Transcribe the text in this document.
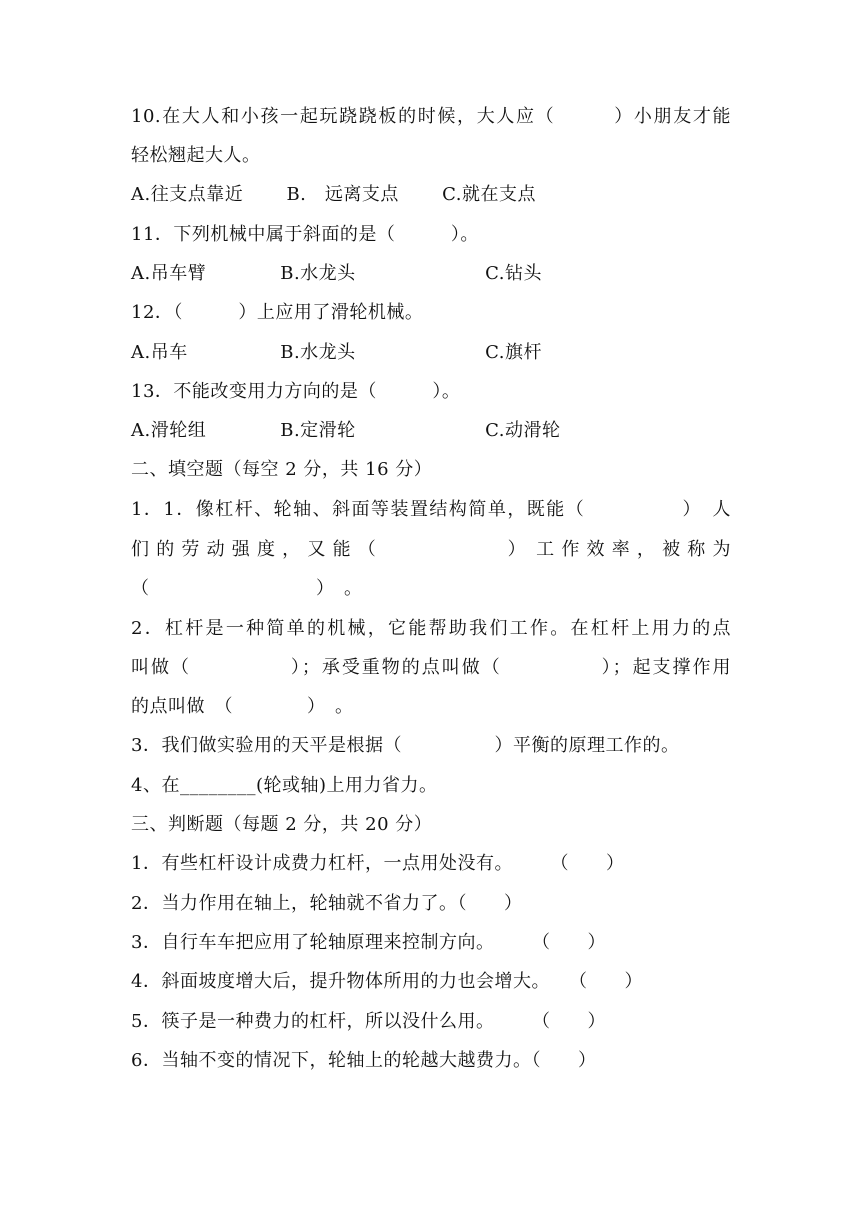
10.在大人和小孩一起玩跷跷板的时候，大人应（　　　）小朋友才能
轻松翘起大人。
A.往支点靠近　　 B.　远离支点　　 C.就在支点
11．下列机械中属于斜面的是（　　　）。
A.吊车臂　　　　B.水龙头　　　　　　　C.钻头
12．（　　　）上应用了滑轮机械。
A.吊车　　　　　B.水龙头　　　　　　　C.旗杆
13．不能改变用力方向的是（　　　）。
A.滑轮组　　　　B.定滑轮　　　　　　　C.动滑轮
二、填空题（每空 2 分，共 16 分）
1．1．像杠杆、轮轴、斜面等装置结构简单，既能（　　　　　）　人
们 的 劳 动 强 度 ， 又 能 （　　　　　　　）　工 作 效 率 ， 被 称 为
（　　　　　　　　　）　。
2．杠杆是一种简单的机械，它能帮助我们工作。在杠杆上用力的点
叫做（　　　　　）；承受重物的点叫做（　　　　　）；起支撑作用
的点叫做　（　　　　）　。
3．我们做实验用的天平是根据（　　　　　）平衡的原理工作的。
4、在________(轮或轴)上用力省力。
三、判断题（每题 2 分，共 20 分）
1．有些杠杆设计成费力杠杆，一点用处没有。　　　（　　）
2．当力作用在轴上，轮轴就不省力了。（　　）
3．自行车车把应用了轮轴原理来控制方向。　　　（　　）
4．斜面坡度增大后，提升物体所用的力也会增大。　　（　　）
5．筷子是一种费力的杠杆，所以没什么用。　　　（　　）
6．当轴不变的情况下，轮轴上的轮越大越费力。（　　）
